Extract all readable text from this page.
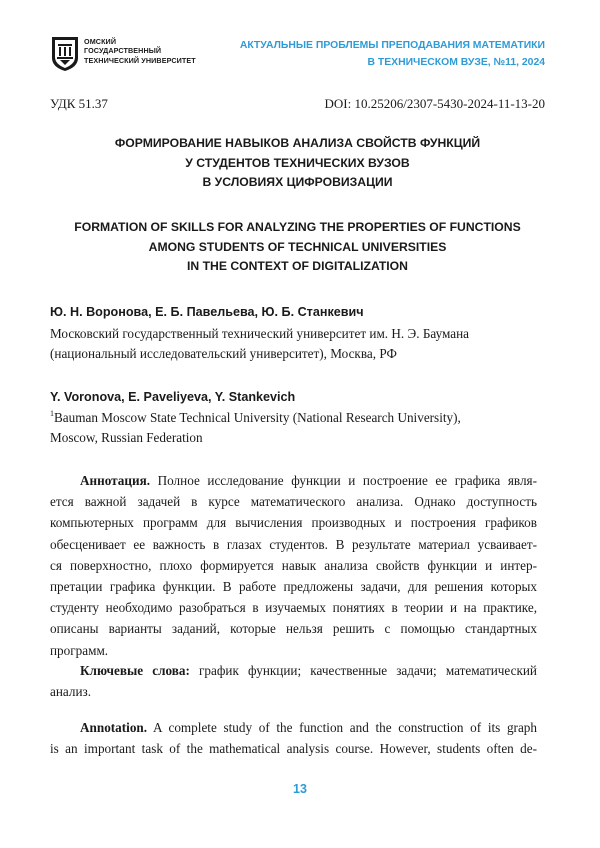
ОМСКИЙ
ГОСУДАРСТВЕННЫЙ
ТЕХНИЧЕСКИЙ УНИВЕРСИТЕТ
АКТУАЛЬНЫЕ ПРОБЛЕМЫ ПРЕПОДАВАНИЯ МАТЕМАТИКИ
В ТЕХНИЧЕСКОМ ВУЗЕ, №11, 2024
УДК 51.37	DOI: 10.25206/2307-5430-2024-11-13-20
ФОРМИРОВАНИЕ НАВЫКОВ АНАЛИЗА СВОЙСТВ ФУНКЦИЙ
У СТУДЕНТОВ ТЕХНИЧЕСКИХ ВУЗОВ
В УСЛОВИЯХ ЦИФРОВИЗАЦИИ
FORMATION OF SKILLS FOR ANALYZING THE PROPERTIES OF FUNCTIONS
AMONG STUDENTS OF TECHNICAL UNIVERSITIES
IN THE CONTEXT OF DIGITALIZATION
Ю. Н. Воронова, Е. Б. Павельева, Ю. Б. Станкевич
Московский государственный технический университет им. Н. Э. Баумана
(национальный исследовательский университет), Москва, РФ
Y. Voronova, E. Paveliyeva, Y. Stankevich
$^1$Bauman Moscow State Technical University (National Research University),
Moscow, Russian Federation
Аннотация. Полное исследование функции и построение ее графика явля-
ется важной задачей в курсе математического анализа. Однако доступность
компьютерных программ для вычисления производных и построения графиков
обесценивает ее важность в глазах студентов. В результате материал усваивает-
ся поверхностно, плохо формируется навык анализа свойств функции и интер-
претации графика функции. В работе предложены задачи, для решения которых
студенту необходимо разобраться в изучаемых понятиях в теории и на практике,
описаны варианты заданий, которые нельзя решить с помощью стандартных
программ.
Ключевые слова: график функции; качественные задачи; математический
анализ.
Annotation. A complete study of the function and the construction of its graph
is an important task of the mathematical analysis course. However, students often de-
13
